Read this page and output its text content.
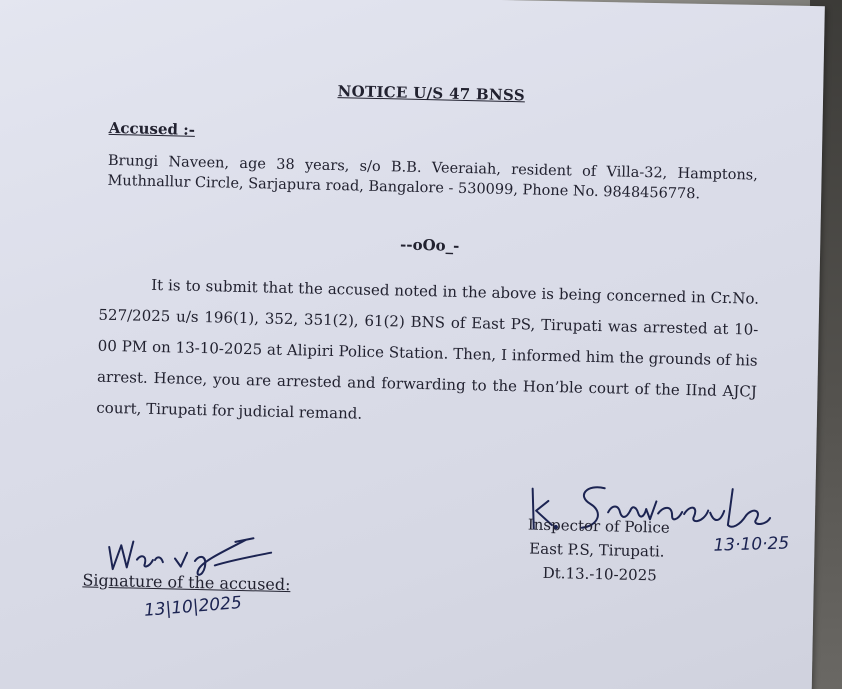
NOTICE U/S 47 BNSS
Accused :-
Brungi Naveen, age 38 years, s/o B.B. Veeraiah, resident of Villa-32, Hamptons, Muthnallur Circle, Sarjapura road, Bangalore - 530099, Phone No. 9848456778.
--oOo_-
It is to submit that the accused noted in the above is being concerned in Cr.No. 527/2025 u/s 196(1), 352, 351(2), 61(2) BNS of East PS, Tirupati was arrested at 10-00 PM on 13-10-2025 at Alipiri Police Station. Then, I informed him the grounds of his arrest. Hence, you are arrested and forwarding to the Hon’ble court of the IInd AJCJ court, Tirupati for judicial remand.
Inspector of Police
East P.S, Tirupati.
Dt.13.-10-2025
13·10·25
Signature of the accused:
13|10|2025
